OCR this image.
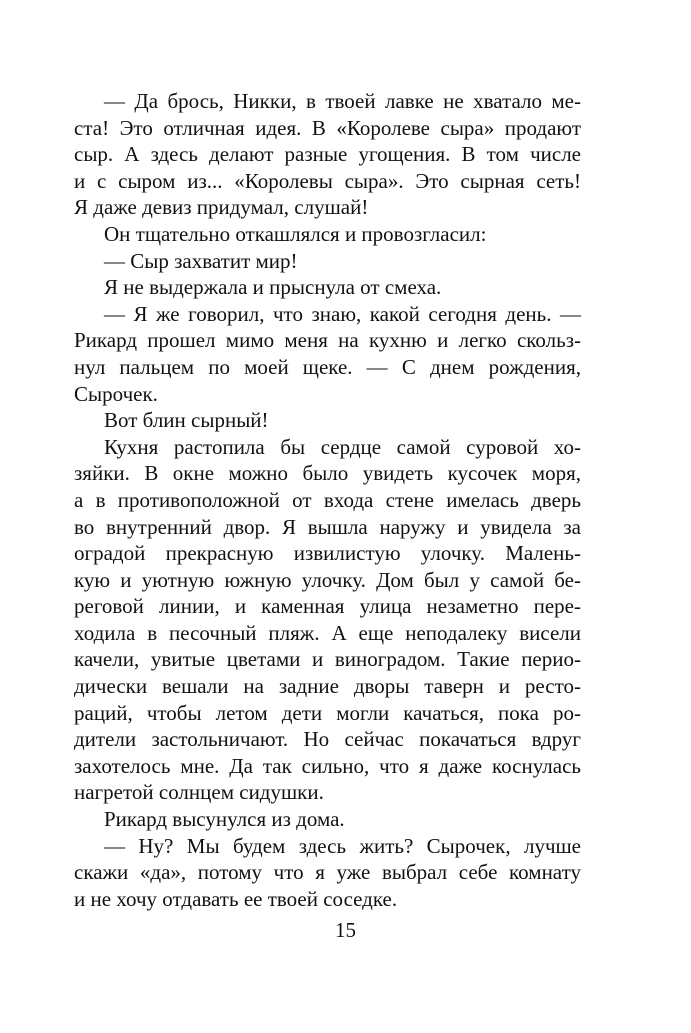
— Да брось, Никки, в твоей лавке не хватало ме-
ста! Это отличная идея. В «Королеве сыра» продают
сыр. А здесь делают разные угощения. В том числе
и с сыром из... «Королевы сыра». Это сырная сеть!
Я даже девиз придумал, слушай!
Он тщательно откашлялся и провозгласил:
— Сыр захватит мир!
Я не выдержала и прыснула от смеха.
— Я же говорил, что знаю, какой сегодня день. —
Рикард прошел мимо меня на кухню и легко скольз-
нул пальцем по моей щеке. — С днем рождения,
Сырочек.
Вот блин сырный!
Кухня растопила бы сердце самой суровой хо-
зяйки. В окне можно было увидеть кусочек моря,
а в противоположной от входа стене имелась дверь
во внутренний двор. Я вышла наружу и увидела за
оградой прекрасную извилистую улочку. Малень-
кую и уютную южную улочку. Дом был у самой бе-
реговой линии, и каменная улица незаметно пере-
ходила в песочный пляж. А еще неподалеку висели
качели, увитые цветами и виноградом. Такие перио-
дически вешали на задние дворы таверн и ресто-
раций, чтобы летом дети могли качаться, пока ро-
дители застольничают. Но сейчас покачаться вдруг
захотелось мне. Да так сильно, что я даже коснулась
нагретой солнцем сидушки.
Рикард высунулся из дома.
— Ну? Мы будем здесь жить? Сырочек, лучше
скажи «да», потому что я уже выбрал себе комнату
и не хочу отдавать ее твоей соседке.
15
